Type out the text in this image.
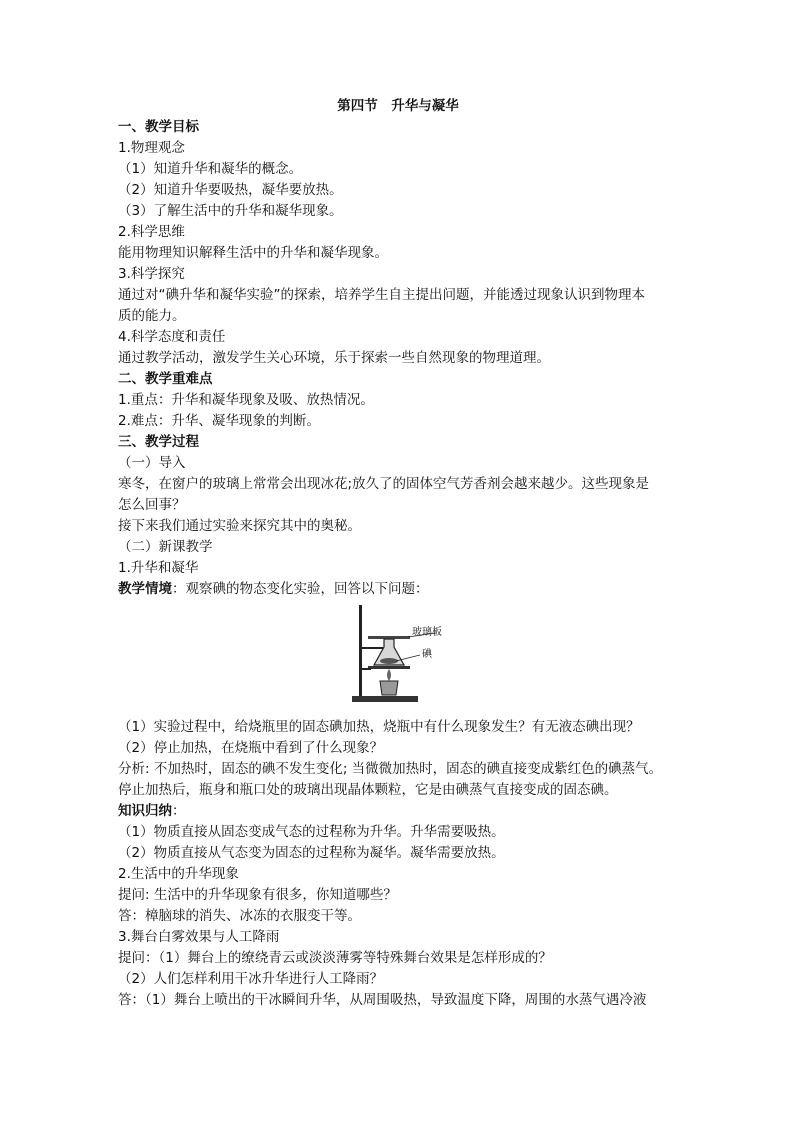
第四节　升华与凝华
一、教学目标
1.物理观念
（1）知道升华和凝华的概念。
（2）知道升华要吸热，凝华要放热。
（3）了解生活中的升华和凝华现象。
2.科学思维
能用物理知识解释生活中的升华和凝华现象。
3.科学探究
通过对“碘升华和凝华实验”的探索，培养学生自主提出问题，并能透过现象认识到物理本
质的能力。
4.科学态度和责任
通过教学活动，激发学生关心环境，乐于探索一些自然现象的物理道理。
二、教学重难点
1.重点：升华和凝华现象及吸、放热情况。
2.难点：升华、凝华现象的判断。
三、教学过程
（一）导入
寒冬，在窗户的玻璃上常常会出现冰花;放久了的固体空气芳香剂会越来越少。这些现象是
怎么回事？
接下来我们通过实验来探究其中的奥秘。
（二）新课教学
1.升华和凝华
教学情境：观察碘的物态变化实验，回答以下问题：
玻璃板
碘
（1）实验过程中，给烧瓶里的固态碘加热，烧瓶中有什么现象发生？有无液态碘出现？
（2）停止加热，在烧瓶中看到了什么现象？
分析: 不加热时，固态的碘不发生变化; 当微微加热时，固态的碘直接变成紫红色的碘蒸气。
停止加热后，瓶身和瓶口处的玻璃出现晶体颗粒，它是由碘蒸气直接变成的固态碘。
知识归纳：
（1）物质直接从固态变成气态的过程称为升华。升华需要吸热。
（2）物质直接从气态变为固态的过程称为凝华。凝华需要放热。
2.生活中的升华现象
提问: 生活中的升华现象有很多，你知道哪些？
答：樟脑球的消失、冰冻的衣服变干等。
3.舞台白雾效果与人工降雨
提问：（1）舞台上的缭绕青云或淡淡薄雾等特殊舞台效果是怎样形成的？
（2）人们怎样利用干冰升华进行人工降雨？
答：（1）舞台上喷出的干冰瞬间升华，从周围吸热，导致温度下降，周围的水蒸气遇冷液
